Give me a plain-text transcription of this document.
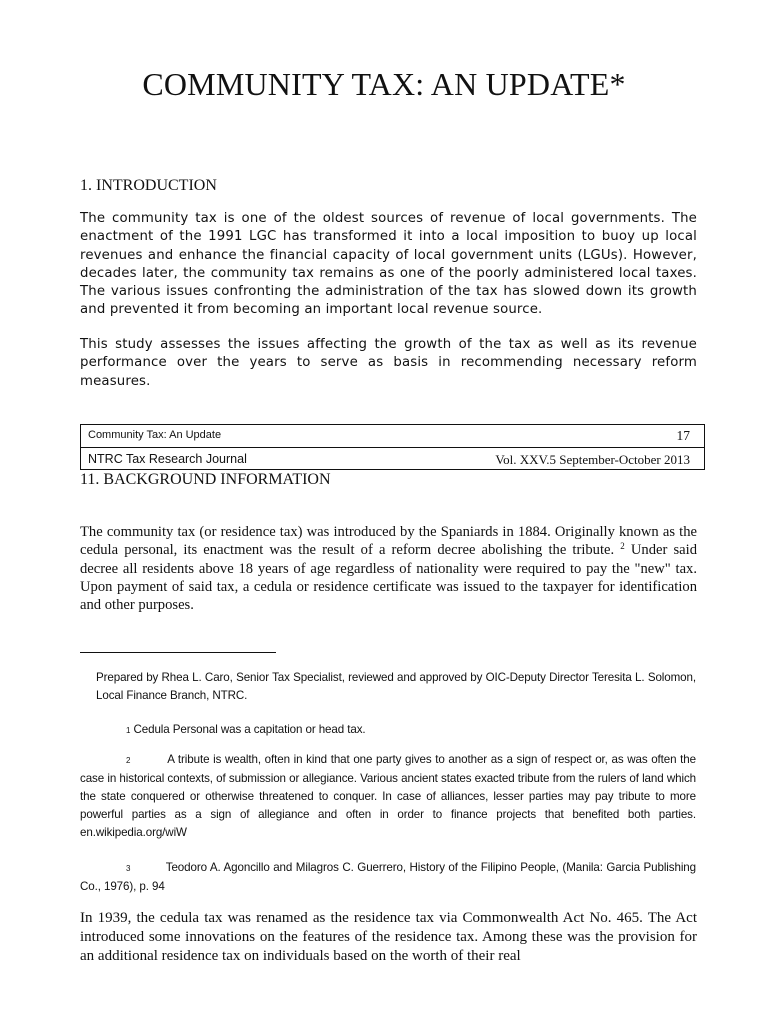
COMMUNITY TAX: AN UPDATE*
1. INTRODUCTION

The community tax is one of the oldest sources of revenue of local governments. The enactment of the 1991 LGC has transformed it into a local imposition to buoy up local revenues and enhance the financial capacity of local government units (LGUs). However, decades later, the community tax remains as one of the poorly administered local taxes. The various issues confronting the administration of the tax has slowed down its growth and prevented it from becoming an important local revenue source.

This study assesses the issues affecting the growth of the tax as well as its revenue performance over the years to serve as basis in recommending necessary reform measures.

Community Tax: An Update	17
NTRC Tax Research Journal	Vol. XXV.5 September-October 2013
11. BACKGROUND INFORMATION

The community tax (or residence tax) was introduced by the Spaniards in 1884. Originally known as the cedula personal, its enactment was the result of a reform decree abolishing the tribute. $^2$ Under said decree all residents above 18 years of age regardless of nationality were required to pay the "new" tax. Upon payment of said tax, a cedula or residence certificate was issued to the taxpayer for identification and other purposes.

Prepared by Rhea L. Caro, Senior Tax Specialist, reviewed and approved by OIC-Deputy Director Teresita L. Solomon, Local Finance Branch, NTRC.

1 Cedula Personal was a capitation or head tax.

2	A tribute is wealth, often in kind that one party gives to another as a sign of respect or, as was often the case in historical contexts, of submission or allegiance. Various ancient states exacted tribute from the rulers of land which the state conquered or otherwise threatened to conquer. In case of alliances, lesser parties may pay tribute to more powerful parties as a sign of allegiance and often in order to finance projects that benefited both parties. en.wikipedia.org/wiW

3	Teodoro A. Agoncillo and Milagros C. Guerrero, History of the Filipino People, (Manila: Garcia Publishing Co., 1976), p. 94

In 1939, the cedula tax was renamed as the residence tax via Commonwealth Act No. 465. The Act introduced some innovations on the features of the residence tax. Among these was the provision for an additional residence tax on individuals based on the worth of their real
